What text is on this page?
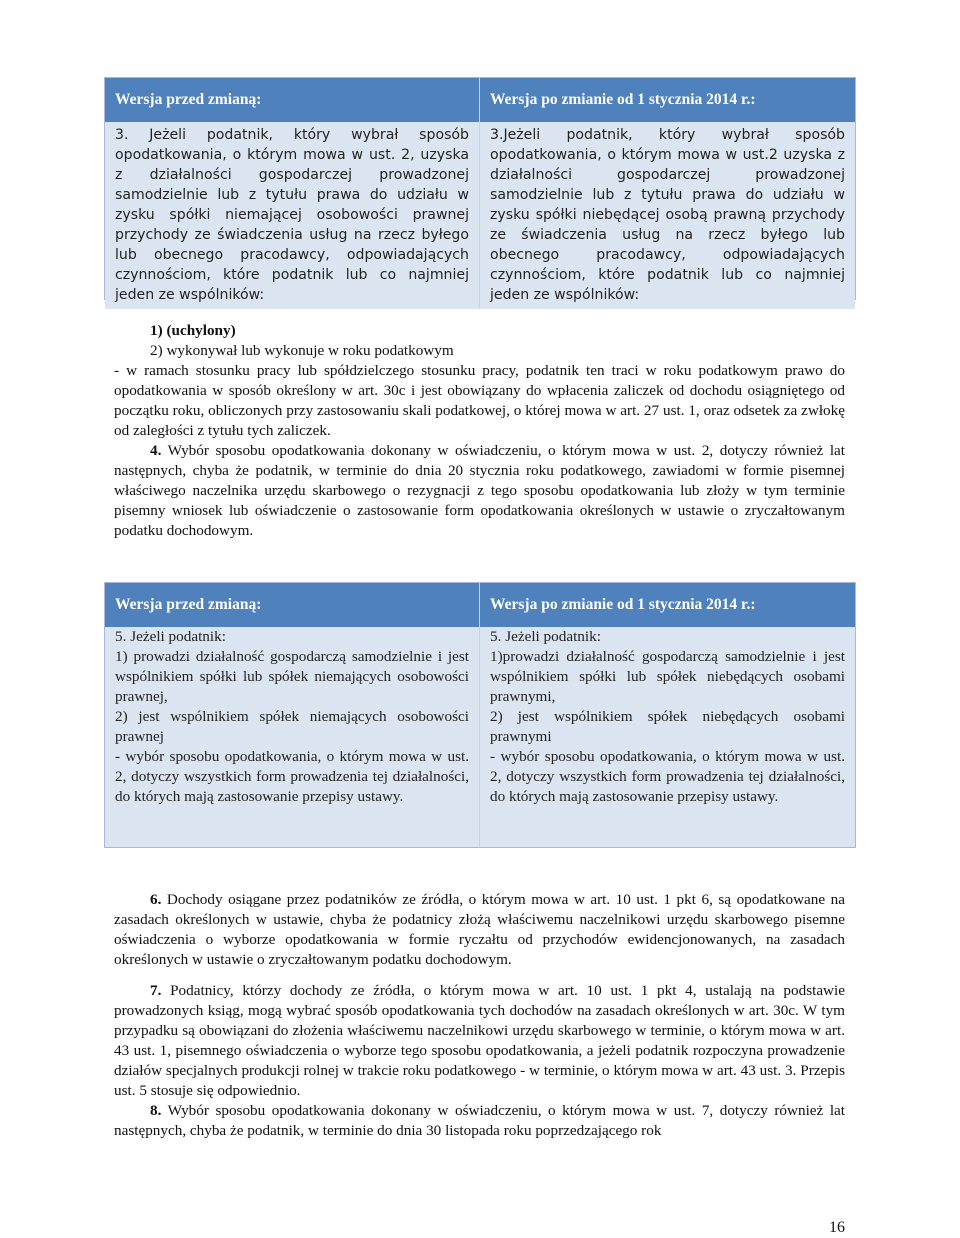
Wersja przed zmianą:	Wersja po zmianie od 1 stycznia 2014 r.:

3. Jeżeli podatnik, który wybrał sposób opodatkowania, o którym mowa w ust. 2, uzyska z działalności gospodarczej prowadzonej samodzielnie lub z tytułu prawa do udziału w zysku spółki niemającej osobowości prawnej przychody ze świadczenia usług na rzecz byłego lub obecnego pracodawcy, odpowiadających czynnościom, które podatnik lub co najmniej jeden ze wspólników:

3.Jeżeli podatnik, który wybrał sposób opodatkowania, o którym mowa w ust.2 uzyska z działalności gospodarczej prowadzonej samodzielnie lub z tytułu prawa do udziału w zysku spółki niebędącej osobą prawną przychody ze świadczenia usług na rzecz byłego lub obecnego pracodawcy, odpowiadających czynnościom, które podatnik lub co najmniej jeden ze wspólników:

1) (uchylony)

2) wykonywał lub wykonuje w roku podatkowym

- w ramach stosunku pracy lub spółdzielczego stosunku pracy, podatnik ten traci w roku podatkowym prawo do opodatkowania w sposób określony w art. 30c i jest obowiązany do wpłacenia zaliczek od dochodu osiągniętego od początku roku, obliczonych przy zastosowaniu skali podatkowej, o której mowa w art. 27 ust. 1, oraz odsetek za zwłokę od zaległości z tytułu tych zaliczek.

4. Wybór sposobu opodatkowania dokonany w oświadczeniu, o którym mowa w ust. 2, dotyczy również lat następnych, chyba że podatnik, w terminie do dnia 20 stycznia roku podatkowego, zawiadomi w formie pisemnej właściwego naczelnika urzędu skarbowego o rezygnacji z tego sposobu opodatkowania lub złoży w tym terminie pisemny wniosek lub oświadczenie o zastosowanie form opodatkowania określonych w ustawie o zryczałtowanym podatku dochodowym.

Wersja przed zmianą:	Wersja po zmianie od 1 stycznia 2014 r.:

5. Jeżeli podatnik:

1) prowadzi działalność gospodarczą samodzielnie i jest wspólnikiem spółki lub spółek niemających osobowości prawnej,

2) jest wspólnikiem spółek niemających osobowości prawnej

- wybór sposobu opodatkowania, o którym mowa w ust. 2, dotyczy wszystkich form prowadzenia tej działalności, do których mają zastosowanie przepisy ustawy.

5. Jeżeli podatnik:

1)prowadzi działalność gospodarczą samodzielnie i jest wspólnikiem spółki lub spółek niebędących osobami prawnymi,

2) jest wspólnikiem spółek niebędących osobami prawnymi

- wybór sposobu opodatkowania, o którym mowa w ust. 2, dotyczy wszystkich form prowadzenia tej działalności, do których mają zastosowanie przepisy ustawy.

6. Dochody osiągane przez podatników ze źródła, o którym mowa w art. 10 ust. 1 pkt 6, są opodatkowane na zasadach określonych w ustawie, chyba że podatnicy złożą właściwemu naczelnikowi urzędu skarbowego pisemne oświadczenia o wyborze opodatkowania w formie ryczałtu od przychodów ewidencjonowanych, na zasadach określonych w ustawie o zryczałtowanym podatku dochodowym.

7. Podatnicy, którzy dochody ze źródła, o którym mowa w art. 10 ust. 1 pkt 4, ustalają na podstawie prowadzonych ksiąg, mogą wybrać sposób opodatkowania tych dochodów na zasadach określonych w art. 30c. W tym przypadku są obowiązani do złożenia właściwemu naczelnikowi urzędu skarbowego w terminie, o którym mowa w art. 43 ust. 1, pisemnego oświadczenia o wyborze tego sposobu opodatkowania, a jeżeli podatnik rozpoczyna prowadzenie działów specjalnych produkcji rolnej w trakcie roku podatkowego - w terminie, o którym mowa w art. 43 ust. 3. Przepis ust. 5 stosuje się odpowiednio.

8. Wybór sposobu opodatkowania dokonany w oświadczeniu, o którym mowa w ust. 7, dotyczy również lat następnych, chyba że podatnik, w terminie do dnia 30 listopada roku poprzedzającego rok

16
